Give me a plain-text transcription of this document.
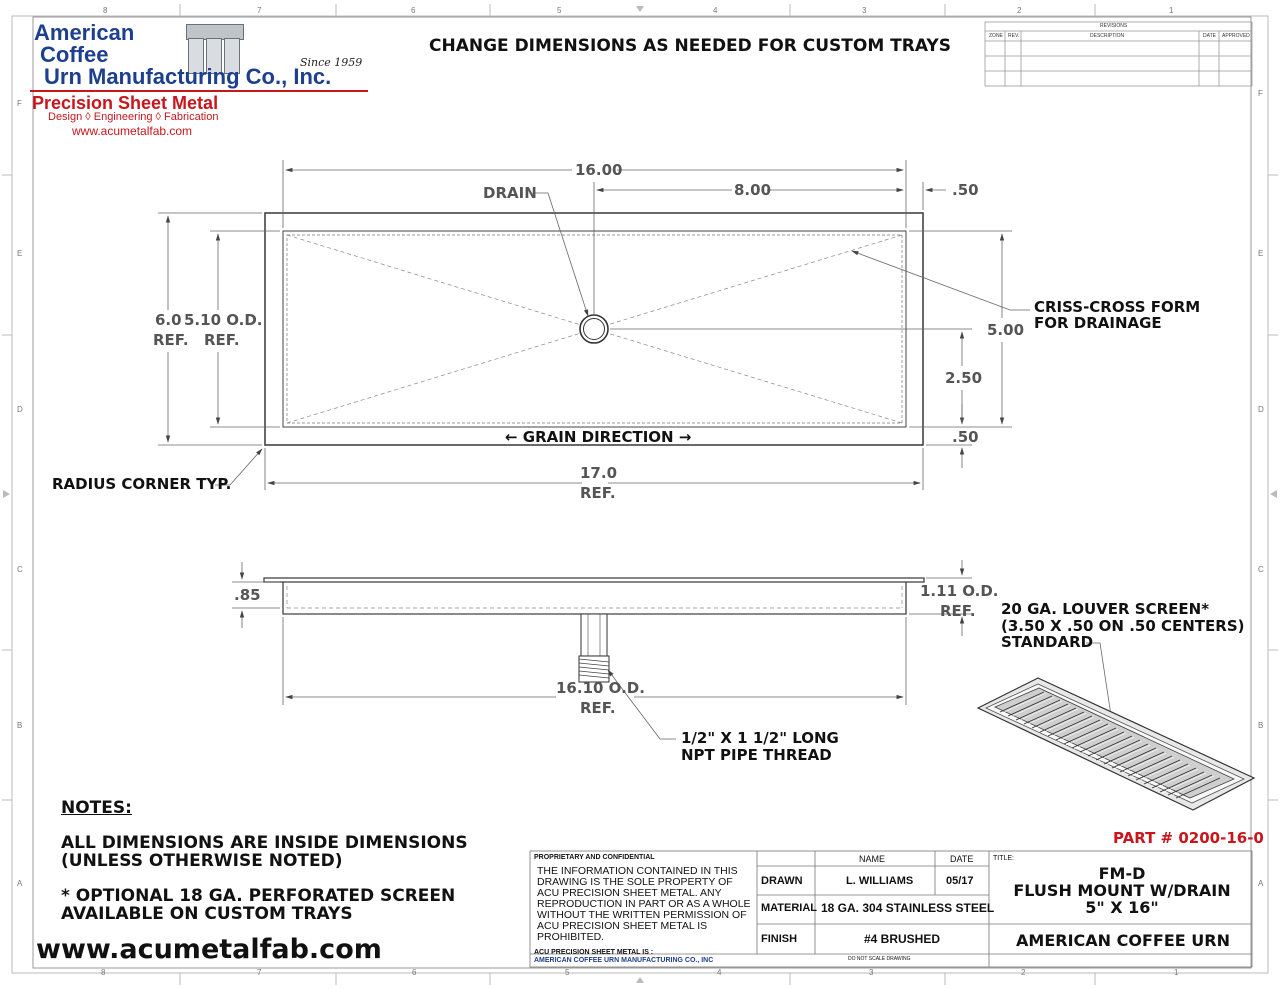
American
Coffee
Urn Manufacturing Co., Inc.
Since 1959
Precision Sheet Metal
Design ◊ Engineering ◊ Fabrication
www.acumetalfab.com
CHANGE DIMENSIONS AS NEEDED FOR CUSTOM TRAYS
REVISIONS
ZONE REV.	DESCRIPTION	DATE APPROVED
8	7	6	5	4	3	2	1
8	7	6	5	4	3	2	1
F
E
D
C
B
A
F
E
D
C
B
A
16.00
8.00	.50
DRAIN
CRISS-CROSS FORM
FOR DRAINAGE
5.00
2.50
.50
6.0
REF.
5.10 O.D.
REF.
← GRAIN DIRECTION →
RADIUS CORNER TYP.
17.0
REF.
.85	1.11 O.D.
REF.
16.10 O.D.
REF.
1/2" X 1 1/2" LONG
NPT PIPE THREAD
20 GA. LOUVER SCREEN*
(3.50 X .50 ON .50 CENTERS)
STANDARD
NOTES:
ALL DIMENSIONS ARE INSIDE DIMENSIONS
(UNLESS OTHERWISE NOTED)
* OPTIONAL 18 GA. PERFORATED SCREEN
AVAILABLE ON CUSTOM TRAYS
www.acumetalfab.com
PART # 0200-16-0
PROPRIETARY AND CONFIDENTIAL
THE INFORMATION CONTAINED IN THIS
DRAWING IS THE SOLE PROPERTY OF
ACU PRECISION SHEET METAL. ANY
REPRODUCTION IN PART OR AS A WHOLE
WITHOUT THE WRITTEN PERMISSION OF
ACU PRECISION SHEET METAL IS
PROHIBITED.
ACU PRECISION SHEET METAL IS :
AMERICAN COFFEE URN MANUFACTURING CO., INC
NAME	DATE	TITLE:
DRAWN	L. WILLIAMS	05/17
MATERIAL 18 GA. 304 STAINLESS STEEL
FINISH	#4 BRUSHED
DO NOT SCALE DRAWING
FM-D
FLUSH MOUNT W/DRAIN
5" X 16"
AMERICAN COFFEE URN
